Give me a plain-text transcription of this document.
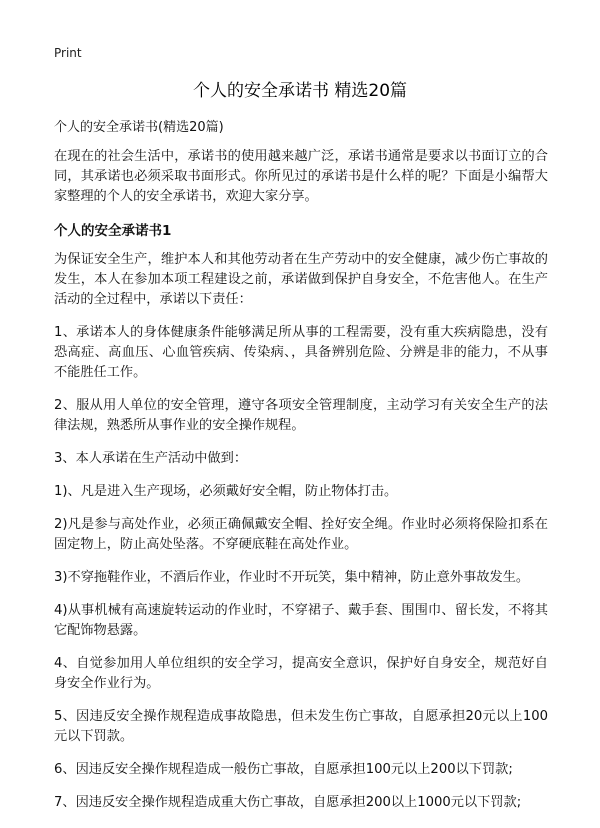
Print
个人的安全承诺书 精选20篇
个人的安全承诺书(精选20篇)

在现在的社会生活中，承诺书的使用越来越广泛，承诺书通常是要求以书面订立的合同，其承诺也必须采取书面形式。你所见过的承诺书是什么样的呢？下面是小编帮大家整理的个人的安全承诺书，欢迎大家分享。

个人的安全承诺书1

为保证安全生产，维护本人和其他劳动者在生产劳动中的安全健康，减少伤亡事故的发生，本人在参加本项工程建设之前，承诺做到保护自身安全，不危害他人。在生产活动的全过程中，承诺以下责任：

1、承诺本人的身体健康条件能够满足所从事的工程需要，没有重大疾病隐患，没有恐高症、高血压、心血管疾病、传染病、，具备辨别危险、分辨是非的能力，不从事不能胜任工作。

2、服从用人单位的安全管理，遵守各项安全管理制度，主动学习有关安全生产的法律法规，熟悉所从事作业的安全操作规程。

3、本人承诺在生产活动中做到：

1)、凡是进入生产现场，必须戴好安全帽，防止物体打击。

2)凡是参与高处作业，必须正确佩戴安全帽、拴好安全绳。作业时必须将保险扣系在固定物上，防止高处坠落。不穿硬底鞋在高处作业。

3)不穿拖鞋作业，不酒后作业，作业时不开玩笑，集中精神，防止意外事故发生。

4)从事机械有高速旋转运动的作业时，不穿裙子、戴手套、围围巾、留长发，不将其它配饰物悬露。

4、自觉参加用人单位组织的安全学习，提高安全意识，保护好自身安全，规范好自身安全作业行为。

5、因违反安全操作规程造成事故隐患，但未发生伤亡事故，自愿承担20元以上100元以下罚款。

6、因违反安全操作规程造成一般伤亡事故，自愿承担100元以上200以下罚款;

7、因违反安全操作规程造成重大伤亡事故，自愿承担200以上1000元以下罚款;
